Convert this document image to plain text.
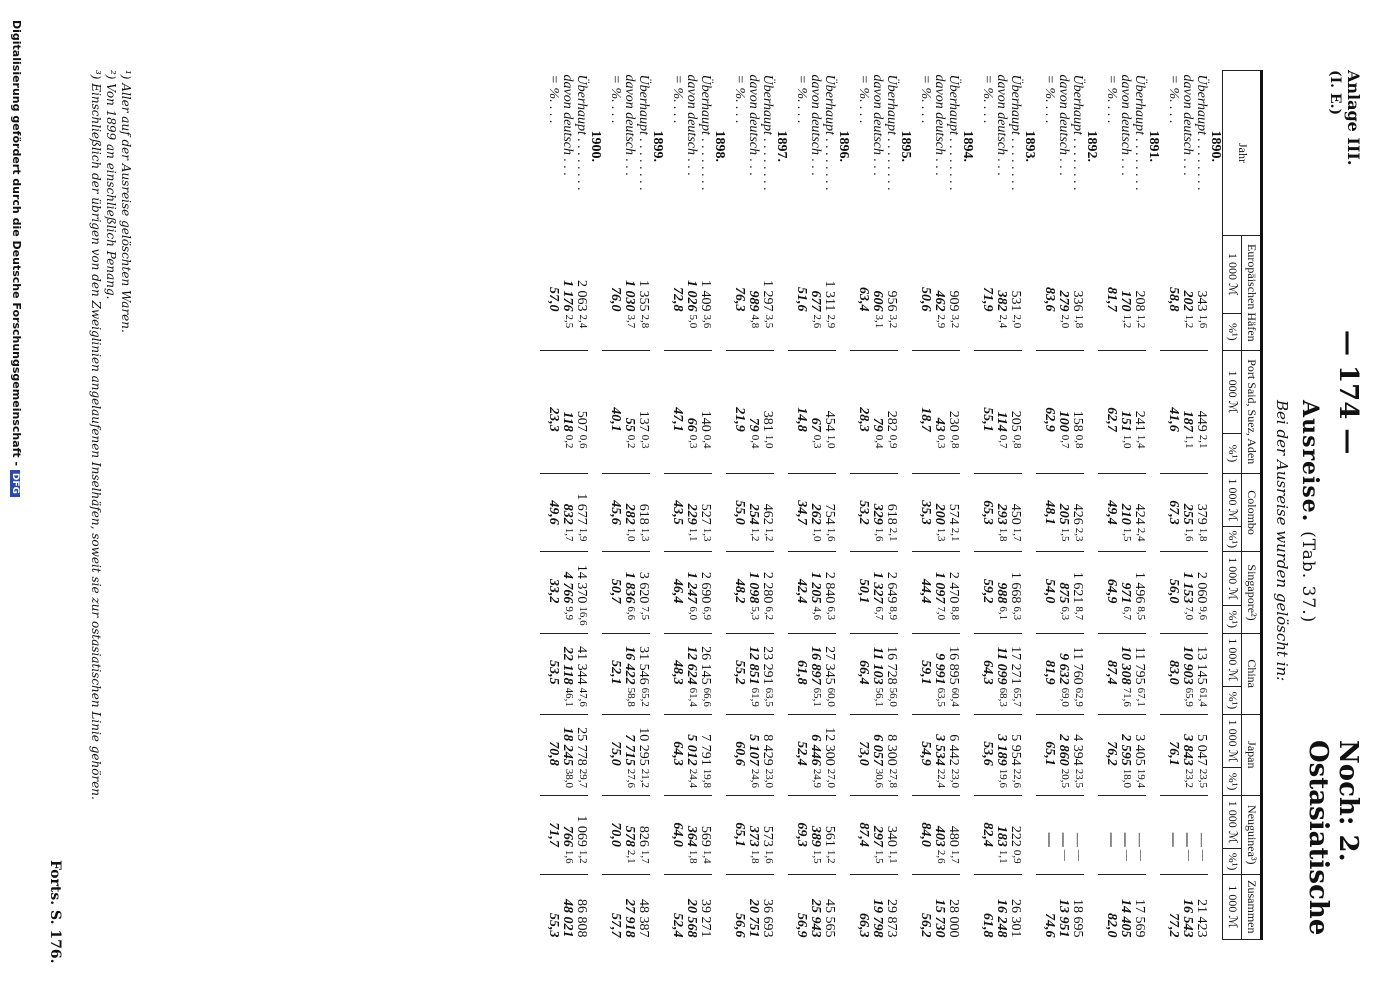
— 174 —
Noch: 2. Ostasiatische
Anlage III.
(I. E.)
Ausreise. (Tab. 37.)
Bei der Ausreise wurden gelöscht in:
Jahr	Europäischen Häfen		Port Said, Suez, Aden		Colombo		Singapore²)		China		Japan		Neuguinea³)		Zusammen
	1 000 ℳ	%¹)	1 000 ℳ	%¹)	1 000 ℳ	%¹)	1 000 ℳ	%¹)	1 000 ℳ	%¹)	1 000 ℳ	%¹)	1 000 ℳ	%¹)	1 000 ℳ
1890.															
Überhaupt . . . . . . . .	343	1,6	449	2,1	379	1,8	2 060	9,6	13 145	61,4	5 047	23,5	—	—	21 423
davon deutsch . . .	202	1,2	187	1,1	255	1,6	1 153	7,0	10 903	65,9	3 843	23,2	—	—	16 543
= %. . . .	58,8		41,6		67,3		56,0		83,0		76,1		—		77,2
1891.															
Überhaupt . . . . . . . .	208	1,2	241	1,4	424	2,4	1 496	8,5	11 795	67,1	3 405	19,4	—	—	17 569
davon deutsch . . .	170	1,2	151	1,0	210	1,5	971	6,7	10 308	71,6	2 595	18,0	—	—	14 405
= %. . . .	81,7		62,7		49,4		64,9		87,4		76,2		—		82,0
1892.															
Überhaupt . . . . . . . .	336	1,8	158	0,8	426	2,3	1 621	8,7	11 760	62,9	4 394	23,5	—	—	18 695
davon deutsch . . .	279	2,0	100	0,7	205	1,5	875	6,3	9 632	69,0	2 860	20,5	—	—	13 951
= %. . . .	83,6		62,9		48,1		54,0		81,9		65,1		—		74,6
1893.															
Überhaupt . . . . . . . .	531	2,0	205	0,8	450	1,7	1 668	6,3	17 271	65,7	5 954	22,6	222	0,9	26 301
davon deutsch . . .	382	2,4	114	0,7	293	1,8	988	6,1	11 099	68,3	3 189	19,6	183	1,1	16 248
= %. . . .	71,9		55,1		65,3		59,2		64,3		53,6		82,4		61,8
1894.															
Überhaupt . . . . . . . .	909	3,2	230	0,8	574	2,1	2 470	8,8	16 895	60,4	6 442	23,0	480	1,7	28 000
davon deutsch . . .	462	2,9	43	0,3	200	1,3	1 097	7,0	9 991	63,5	3 534	22,4	403	2,6	15 730
= %. . . .	50,6		18,7		35,3		44,4		59,1		54,9		84,0		56,2
1895.															
Überhaupt . . . . . . . .	956	3,2	282	0,9	618	2,1	2 649	8,9	16 728	56,0	8 300	27,8	340	1,1	29 873
davon deutsch . . .	606	3,1	79	0,4	329	1,6	1 327	6,7	11 103	56,1	6 057	30,6	297	1,5	19 798
= %. . . .	63,4		28,3		53,2		50,1		66,4		73,0		87,4		66,3
1896.															
Überhaupt . . . . . . . .	1 311	2,9	454	1,0	754	1,6	2 840	6,3	27 345	60,0	12 300	27,0	561	1,2	45 565
davon deutsch . . .	677	2,6	67	0,3	262	1,0	1 205	4,6	16 897	65,1	6 446	24,9	389	1,5	25 943
= %. . . .	51,6		14,8		34,7		42,4		61,8		52,4		69,3		56,9
1897.															
Überhaupt . . . . . . . .	1 297	3,5	381	1,0	462	1,2	2 280	6,2	23 291	63,5	8 429	23,0	573	1,6	36 693
davon deutsch . . .	989	4,8	79	0,4	254	1,2	1 098	5,3	12 851	61,9	5 107	24,6	373	1,8	20 751
= %. . . .	76,3		21,9		55,0		48,2		55,2		60,6		65,1		56,6
1898.															
Überhaupt . . . . . . . .	1 409	3,6	140	0,4	527	1,3	2 690	6,9	26 145	66,6	7 791	19,8	569	1,4	39 271
davon deutsch . . .	1 026	5,0	66	0,3	229	1,1	1 247	6,0	12 624	61,4	5 012	24,4	364	1,8	20 568
= %. . . .	72,8		47,1		43,5		46,4		48,3		64,3		64,0		52,4
1899.															
Überhaupt . . . . . . . .	1 355	2,8	137	0,3	618	1,3	3 620	7,5	31 546	65,2	10 295	21,2	826	1,7	48 387
davon deutsch . . .	1 030	3,7	55	0,2	282	1,0	1 836	6,6	16 422	58,8	7 715	27,6	578	2,1	27 918
= %. . . .	76,0		40,1		45,6		50,7		52,1		75,0		70,0		57,7
1900.															
Überhaupt . . . . . . . .	2 063	2,4	507	0,6	1 677	1,9	14 370	16,6	41 344	47,6	25 778	29,7	1 069	1,2	86 808
davon deutsch . . .	1 176	2,5	118	0,2	832	1,7	4 766	9,9	22 118	46,1	18 245	38,0	766	1,6	48 021
= %. . . .	57,0		23,3		49,6		33,2		53,5		70,8		71,7		55,3
¹) Aller auf der Ausreise gelöschten Waren.
²) Von 1899 an einschließlich Penang.
³) Einschließlich der übrigen von den Zweiglinien angelaufenen Inselhäfen, soweit sie zur ostasiatischen Linie gehören.
Forts. S. 176.
Digitalisierung gefördert durch die Deutsche Forschungsgemeinschaft - DFG
